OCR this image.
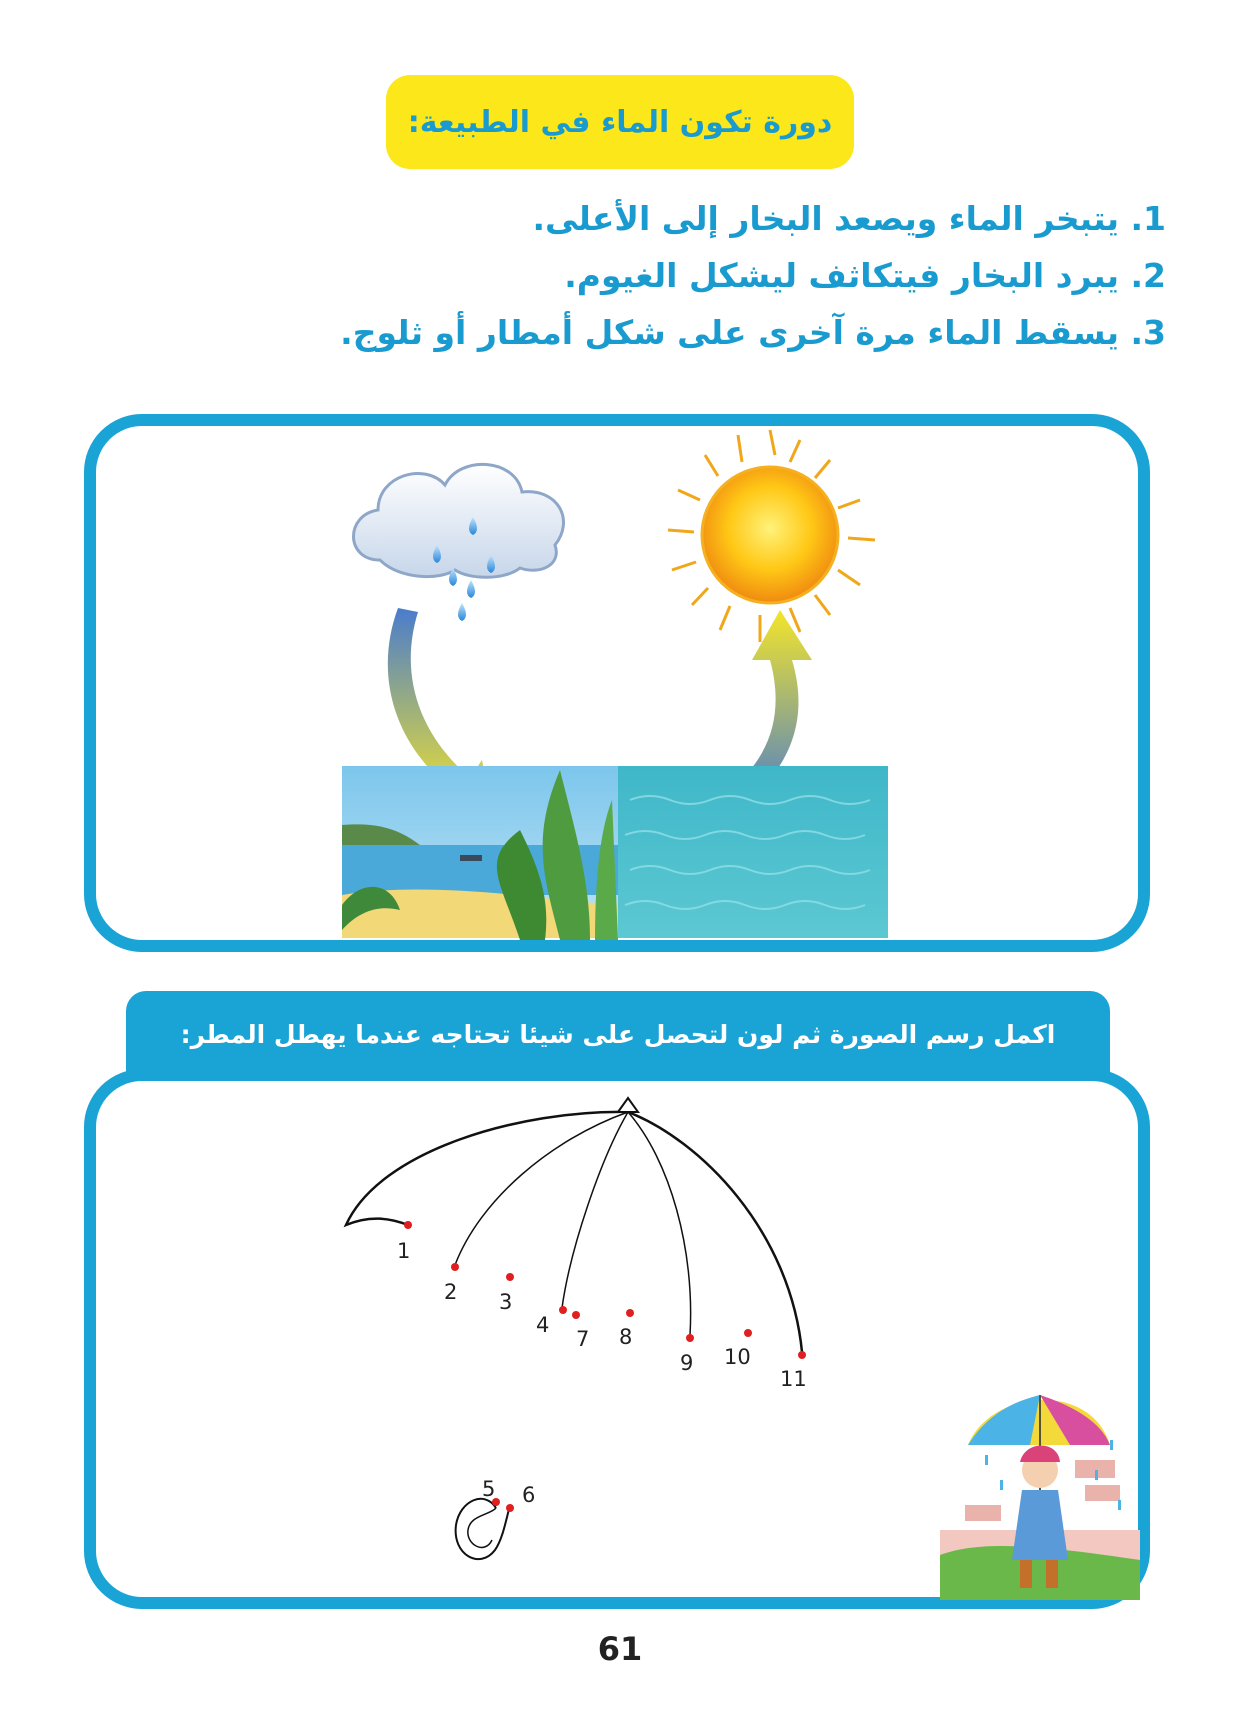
دورة تكون الماء في الطبيعة:
1. يتبخر الماء ويصعد البخار إلى الأعلى.
2. يبرد البخار فيتكاثف ليشكل الغيوم.
3. يسقط الماء مرة آخرى على شكل أمطار أو ثلوج.
اكمل رسم الصورة ثم لون لتحصل على شيئا تحتاجه عندما يهطل المطر:
1
2 3
4
5 6
7 8
9 10
11
61
